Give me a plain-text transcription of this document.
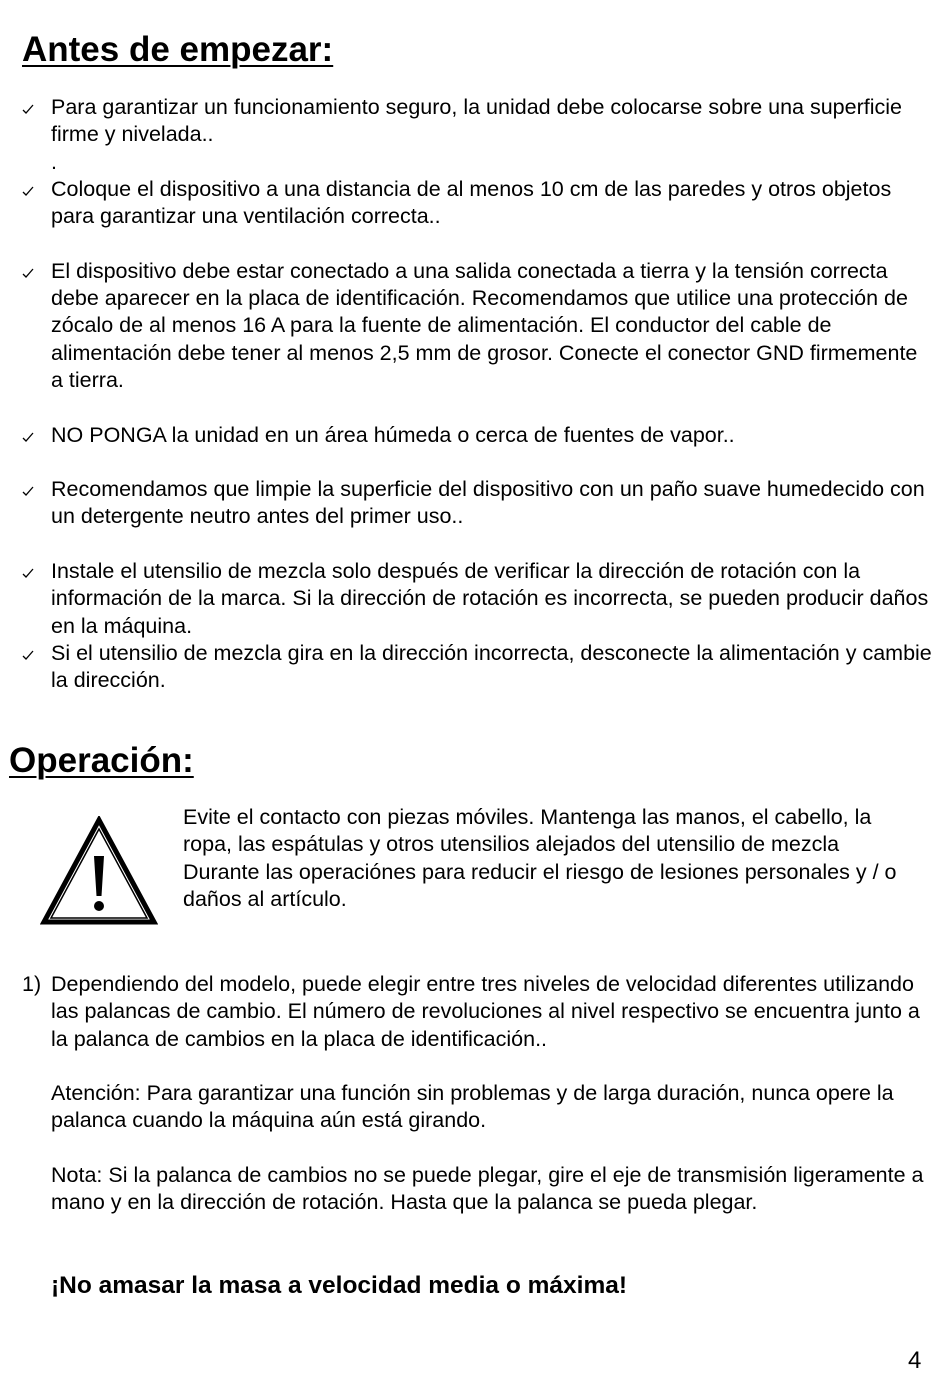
Antes de empezar:
Para garantizar un funcionamiento seguro, la unidad debe colocarse sobre una superficie firme y nivelada..
.
Coloque el dispositivo a una distancia de al menos 10 cm de las paredes y otros objetos para garantizar una ventilación correcta..
El dispositivo debe estar conectado a una salida conectada a tierra y la tensión correcta debe aparecer en la placa de identificación. Recomendamos que utilice una protección de zócalo de al menos 16 A para la fuente de alimentación. El conductor del cable de alimentación debe tener al menos 2,5 mm de grosor. Conecte el conector GND firmemente a tierra.
NO PONGA la unidad en un área húmeda o cerca de fuentes de vapor..
Recomendamos que limpie la superficie del dispositivo con un paño suave humedecido con un detergente neutro antes del primer uso..
Instale el utensilio de mezcla solo después de verificar la dirección de rotación con la información de la marca. Si la dirección de rotación es incorrecta, se pueden producir daños en la máquina.
Si el utensilio de mezcla gira en la dirección incorrecta, desconecte la alimentación y cambie la dirección.
Operación:

Evite el contacto con piezas móviles. Mantenga las manos, el cabello, la ropa, las espátulas y otros utensilios alejados del utensilio de mezcla Durante las operaciónes para reducir el riesgo de lesiones personales y / o daños al artículo.

1) Dependiendo del modelo, puede elegir entre tres niveles de velocidad diferentes utilizando las palancas de cambio. El número de revoluciones al nivel respectivo se encuentra junto a la palanca de cambios en la placa de identificación..

Atención: Para garantizar una función sin problemas y de larga duración, nunca opere la palanca cuando la máquina aún está girando.

Nota: Si la palanca de cambios no se puede plegar, gire el eje de transmisión ligeramente a mano y en la dirección de rotación. Hasta que la palanca se pueda plegar.

¡No amasar la masa a velocidad media o máxima!

4
